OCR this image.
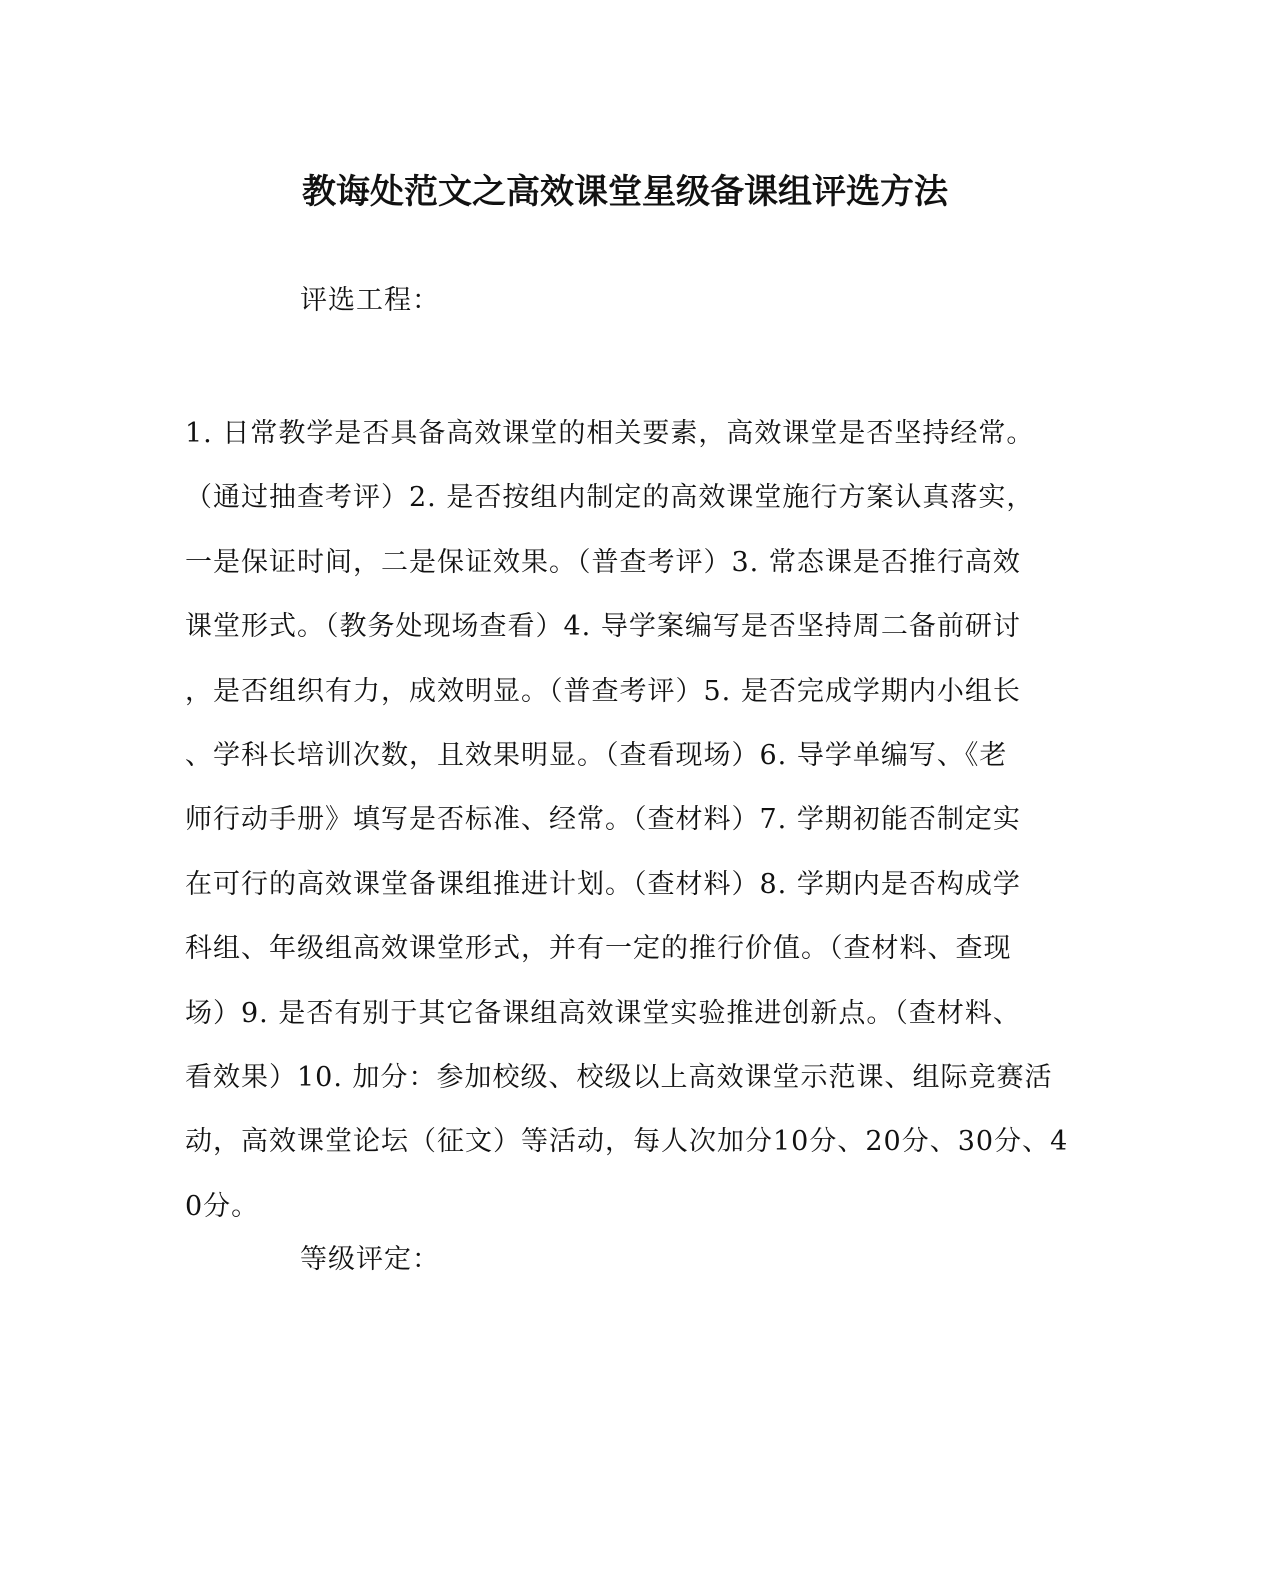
教诲处范文之高效课堂星级备课组评选方法

评选工程：

1. 日常教学是否具备高效课堂的相关要素，高效课堂是否坚持经常。
（通过抽查考评）2. 是否按组内制定的高效课堂施行方案认真落实，
一是保证时间，二是保证效果。（普查考评）3. 常态课是否推行高效
课堂形式。（教务处现场查看）4. 导学案编写是否坚持周二备前研讨
，是否组织有力，成效明显。（普查考评）5. 是否完成学期内小组长
、学科长培训次数，且效果明显。（查看现场）6. 导学单编写、《老
师行动手册》填写是否标准、经常。（查材料）7. 学期初能否制定实
在可行的高效课堂备课组推进计划。（查材料）8. 学期内是否构成学
科组、年级组高效课堂形式，并有一定的推行价值。（查材料、查现
场）9. 是否有别于其它备课组高效课堂实验推进创新点。（查材料、
看效果）10. 加分：参加校级、校级以上高效课堂示范课、组际竞赛活
动，高效课堂论坛（征文）等活动，每人次加分10分、20分、30分、4
0分。

等级评定：
